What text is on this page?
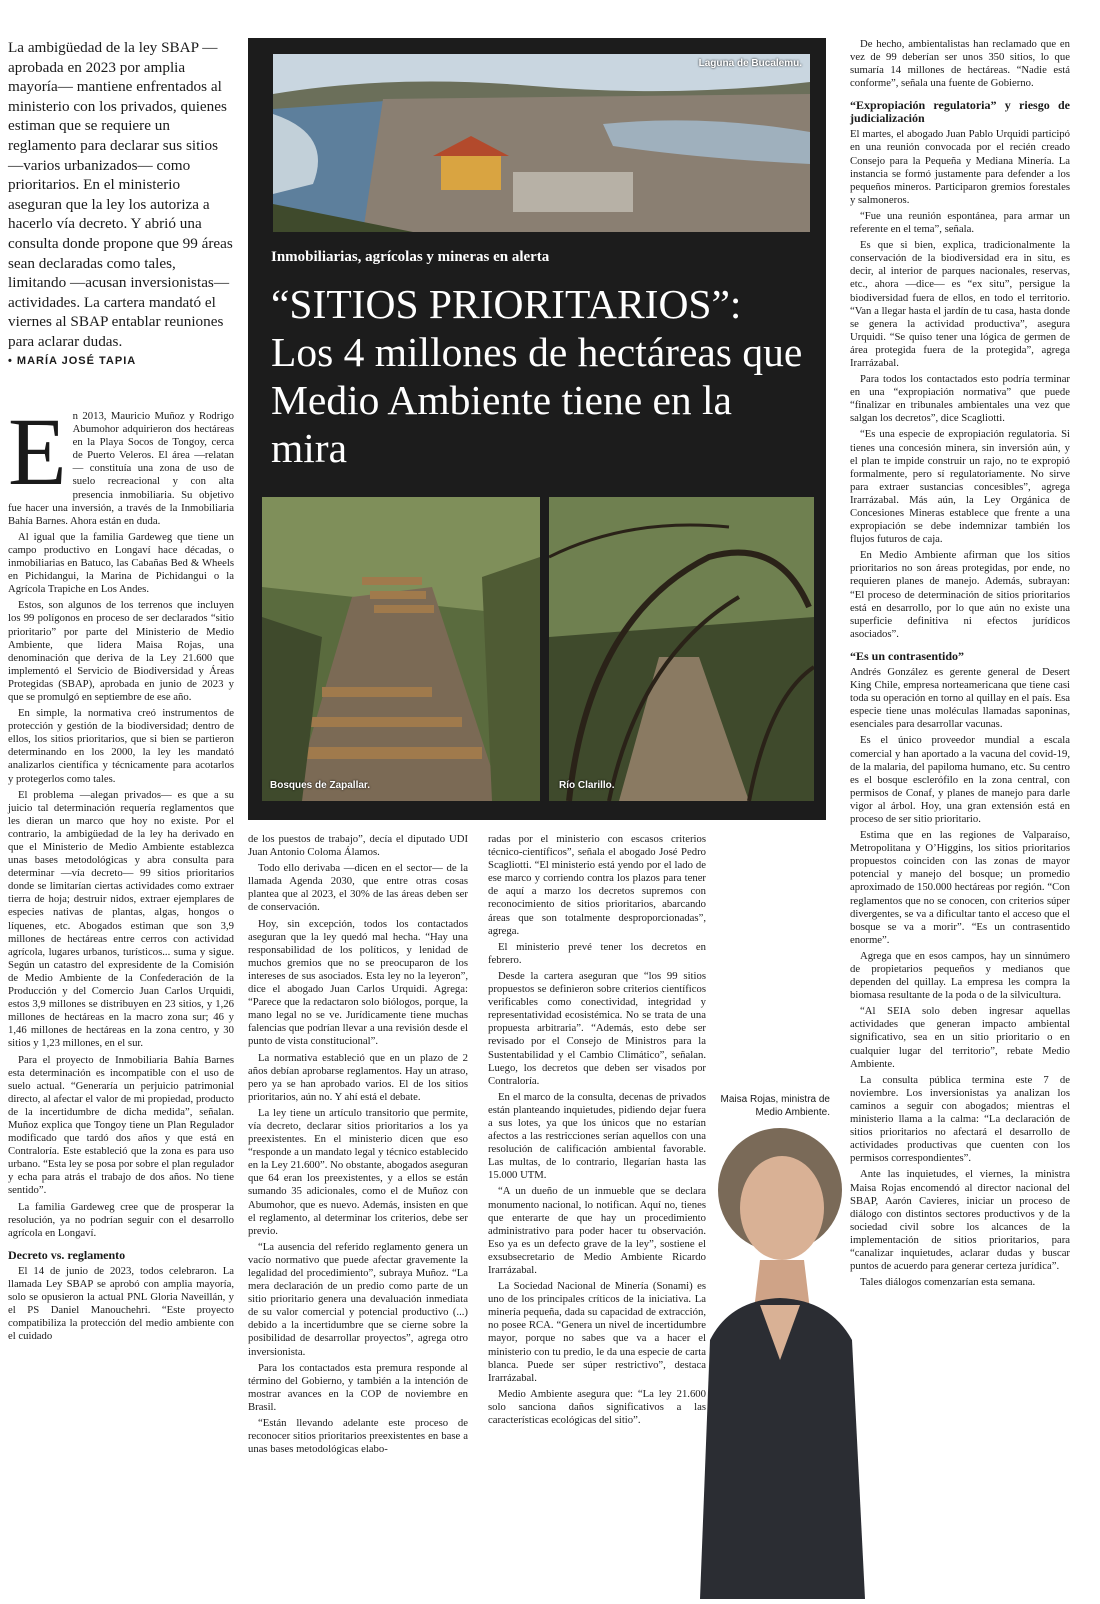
La ambigüedad de la ley SBAP —aprobada en 2023 por amplia mayoría— mantiene enfrentados al ministerio con los privados, quienes estiman que se requiere un reglamento para declarar sus sitios —varios urbanizados— como prioritarios. En el ministerio aseguran que la ley los autoriza a hacerlo vía decreto. Y abrió una consulta donde propone que 99 áreas sean declaradas como tales, limitando —acusan inversionistas— actividades. La cartera mandató el viernes al SBAP entablar reuniones para aclarar dudas.
• MARÍA JOSÉ TAPIA
Laguna de Bucalemu.
Inmobiliarias, agrícolas y mineras en alerta
“SITIOS PRIORITARIOS”:
Los 4 millones de hectáreas que Medio Ambiente tiene en la mira
Bosques de Zapallar.	Río Clarillo.
E n 2013, Mauricio Muñoz y Rodrigo Abumohor adquirieron dos hectáreas en la Playa Socos de Tongoy, cerca de Puerto Veleros. El área —relatan— constituía una zona de uso de suelo recreacional y con alta presencia inmobiliaria. Su objetivo fue hacer una inversión, a través de la Inmobiliaria Bahía Barnes. Ahora están en duda.

Al igual que la familia Gardeweg que tiene un campo productivo en Longaví hace décadas, o inmobiliarias en Batuco, las Cabañas Bed & Wheels en Pichidangui, la Marina de Pichidangui o la Agrícola Trapiche en Los Andes.

Estos, son algunos de los terrenos que incluyen los 99 polígonos en proceso de ser declarados “sitio prioritario” por parte del Ministerio de Medio Ambiente, que lidera Maisa Rojas, una denominación que deriva de la Ley 21.600 que implementó el Servicio de Biodiversidad y Áreas Protegidas (SBAP), aprobada en junio de 2023 y que se promulgó en septiembre de ese año.

En simple, la normativa creó instrumentos de protección y gestión de la biodiversidad; dentro de ellos, los sitios prioritarios, que si bien se partieron determinando en los 2000, la ley les mandató analizarlos científica y técnicamente para acotarlos y protegerlos como tales.

El problema —alegan privados— es que a su juicio tal determinación requería reglamentos que les dieran un marco que hoy no existe. Por el contrario, la ambigüedad de la ley ha derivado en que el Ministerio de Medio Ambiente establezca unas bases metodológicas y abra consulta para determinar —vía decreto— 99 sitios prioritarios donde se limitarían ciertas actividades como extraer tierra de hoja; destruir nidos, extraer ejemplares de especies nativas de plantas, algas, hongos o líquenes, etc. Abogados estiman que son 3,9 millones de hectáreas entre cerros con actividad agrícola, lugares urbanos, turísticos... suma y sigue. Según un catastro del expresidente de la Comisión de Medio Ambiente de la Confederación de la Producción y del Comercio Juan Carlos Urquidi, estos 3,9 millones se distribuyen en 23 sitios, y 1,26 millones de hectáreas en la macro zona sur; 46 y 1,46 millones de hectáreas en la zona centro, y 30 sitios y 1,23 millones, en el sur.

Para el proyecto de Inmobiliaria Bahía Barnes esta determinación es incompatible con el uso de suelo actual. “Generaría un perjuicio patrimonial directo, al afectar el valor de mi propiedad, producto de la incertidumbre de dicha medida”, señalan. Muñoz explica que Tongoy tiene un Plan Regulador modificado que tardó dos años y que está en Contraloría. Este estableció que la zona es para uso urbano. “Esta ley se posa por sobre el plan regulador y echa para atrás el trabajo de dos años. No tiene sentido”.

La familia Gardeweg cree que de prosperar la resolución, ya no podrían seguir con el desarrollo agrícola en Longaví.

Decreto vs. reglamento

El 14 de junio de 2023, todos celebraron. La llamada Ley SBAP se aprobó con amplia mayoría, solo se opusieron la actual PNL Gloria Naveillán, y el PS Daniel Manouchehri. “Este proyecto compatibiliza la protección del medio ambiente con el cuidado

de los puestos de trabajo”, decía el diputado UDI Juan Antonio Coloma Álamos.

Todo ello derivaba —dicen en el sector— de la llamada Agenda 2030, que entre otras cosas plantea que al 2023, el 30% de las áreas deben ser de conservación.

Hoy, sin excepción, todos los contactados aseguran que la ley quedó mal hecha. “Hay una responsabilidad de los políticos, y lenidad de muchos gremios que no se preocuparon de los intereses de sus asociados. Esta ley no la leyeron”, dice el abogado Juan Carlos Urquidi. Agrega: “Parece que la redactaron solo biólogos, porque, la mano legal no se ve. Jurídicamente tiene muchas falencias que podrían llevar a una revisión desde el punto de vista constitucional”.

La normativa estableció que en un plazo de 2 años debían aprobarse reglamentos. Hay un atraso, pero ya se han aprobado varios. El de los sitios prioritarios, aún no. Y ahí está el debate.

La ley tiene un artículo transitorio que permite, vía decreto, declarar sitios prioritarios a los ya preexistentes. En el ministerio dicen que eso “responde a un mandato legal y técnico establecido en la Ley 21.600”. No obstante, abogados aseguran que 64 eran los preexistentes, y a ellos se están sumando 35 adicionales, como el de Muñoz con Abumohor, que es nuevo. Además, insisten en que el reglamento, al determinar los criterios, debe ser previo.

“La ausencia del referido reglamento genera un vacío normativo que puede afectar gravemente la legalidad del procedimiento”, subraya Muñoz. “La mera declaración de un predio como parte de un sitio prioritario genera una devaluación inmediata de su valor comercial y potencial productivo (...) debido a la incertidumbre que se cierne sobre la posibilidad de desarrollar proyectos”, agrega otro inversionista.

Para los contactados esta premura responde al término del Gobierno, y también a la intención de mostrar avances en la COP de noviembre en Brasil.

“Están llevando adelante este proceso de reconocer sitios prioritarios preexistentes en base a unas bases metodológicas elabo-

radas por el ministerio con escasos criterios técnico-científicos”, señala el abogado José Pedro Scagliotti. “El ministerio está yendo por el lado de ese marco y corriendo contra los plazos para tener de aquí a marzo los decretos supremos con reconocimiento de sitios prioritarios, abarcando áreas que son totalmente desproporcionadas”, agrega.

El ministerio prevé tener los decretos en febrero.

Desde la cartera aseguran que “los 99 sitios propuestos se definieron sobre criterios científicos verificables como conectividad, integridad y representatividad ecosistémica. No se trata de una propuesta arbitraria”. “Además, esto debe ser revisado por el Consejo de Ministros para la Sustentabilidad y el Cambio Climático”, señalan. Luego, los decretos que deben ser visados por Contraloría.

En el marco de la consulta, decenas de privados están planteando inquietudes, pidiendo dejar fuera a sus lotes, ya que los únicos que no estarían afectos a las restricciones serían aquellos con una resolución de calificación ambiental favorable. Las multas, de lo contrario, llegarían hasta las 15.000 UTM.

“A un dueño de un inmueble que se declara monumento nacional, lo notifican. Aquí no, tienes que enterarte de que hay un procedimiento administrativo para poder hacer tu observación. Eso ya es un defecto grave de la ley”, sostiene el exsubsecretario de Medio Ambiente Ricardo Irarrázabal.

La Sociedad Nacional de Minería (Sonami) es uno de los principales críticos de la iniciativa. La minería pequeña, dada su capacidad de extracción, no posee RCA. “Genera un nivel de incertidumbre mayor, porque no sabes que va a hacer el ministerio con tu predio, le da una especie de carta blanca. Puede ser súper restrictivo”, destaca Irarrázabal.

Medio Ambiente asegura que: “La ley 21.600 solo sanciona daños significativos a las características ecológicas del sitio”.

Maisa Rojas, ministra de Medio Ambiente.

De hecho, ambientalistas han reclamado que en vez de 99 deberían ser unos 350 sitios, lo que sumaría 14 millones de hectáreas. “Nadie está conforme”, señala una fuente de Gobierno.

“Expropiación regulatoria” y riesgo de judicialización

El martes, el abogado Juan Pablo Urquidi participó en una reunión convocada por el recién creado Consejo para la Pequeña y Mediana Minería. La instancia se formó justamente para defender a los pequeños mineros. Participaron gremios forestales y salmoneros.

“Fue una reunión espontánea, para armar un referente en el tema”, señala.

Es que si bien, explica, tradicionalmente la conservación de la biodiversidad era in situ, es decir, al interior de parques nacionales, reservas, etc., ahora —dice— es “ex situ”, persigue la biodiversidad fuera de ellos, en todo el territorio. “Van a llegar hasta el jardín de tu casa, hasta donde se genera la actividad productiva”, asegura Urquidi. “Se quiso tener una lógica de germen de área protegida fuera de la protegida”, agrega Irarrázabal.

Para todos los contactados esto podría terminar en una “expropiación normativa” que puede “finalizar en tribunales ambientales una vez que salgan los decretos”, dice Scagliotti.

“Es una especie de expropiación regulatoria. Si tienes una concesión minera, sin inversión aún, y el plan te impide construir un rajo, no te expropió formalmente, pero sí regulatoriamente. No sirve para extraer sustancias concesibles”, agrega Irarrázabal. Más aún, la Ley Orgánica de Concesiones Mineras establece que frente a una expropiación se debe indemnizar también los flujos futuros de caja.

En Medio Ambiente afirman que los sitios prioritarios no son áreas protegidas, por ende, no requieren planes de manejo. Además, subrayan: “El proceso de determinación de sitios prioritarios está en desarrollo, por lo que aún no existe una superficie definitiva ni efectos jurídicos asociados”.

“Es un contrasentido”

Andrés González es gerente general de Desert King Chile, empresa norteamericana que tiene casi toda su operación en torno al quillay en el país. Esa especie tiene unas moléculas llamadas saponinas, esenciales para desarrollar vacunas.

Es el único proveedor mundial a escala comercial y han aportado a la vacuna del covid-19, de la malaria, del papiloma humano, etc. Su centro es el bosque esclerófilo en la zona central, con permisos de Conaf, y planes de manejo para darle vigor al árbol. Hoy, una gran extensión está en proceso de ser sitio prioritario.

Estima que en las regiones de Valparaíso, Metropolitana y O’Higgins, los sitios prioritarios propuestos coinciden con las zonas de mayor potencial y manejo del bosque; un promedio aproximado de 150.000 hectáreas por región. “Con reglamentos que no se conocen, con criterios súper divergentes, se va a dificultar tanto el acceso que el bosque se va a morir”. “Es un contrasentido enorme”.

Agrega que en esos campos, hay un sinnúmero de propietarios pequeños y medianos que dependen del quillay. La empresa les compra la biomasa resultante de la poda o de la silvicultura.

“Al SEIA solo deben ingresar aquellas actividades que generan impacto ambiental significativo, sea en un sitio prioritario o en cualquier lugar del territorio”, rebate Medio Ambiente.

La consulta pública termina este 7 de noviembre. Los inversionistas ya analizan los caminos a seguir con abogados; mientras el ministerio llama a la calma: “La declaración de sitios prioritarios no afectará el desarrollo de actividades productivas que cuenten con los permisos correspondientes”.

Ante las inquietudes, el viernes, la ministra Maisa Rojas encomendó al director nacional del SBAP, Aarón Cavieres, iniciar un proceso de diálogo con distintos sectores productivos y de la sociedad civil sobre los alcances de la implementación de sitios prioritarios, para “canalizar inquietudes, aclarar dudas y buscar puntos de acuerdo para generar certeza jurídica”.

Tales diálogos comenzarían esta semana.
